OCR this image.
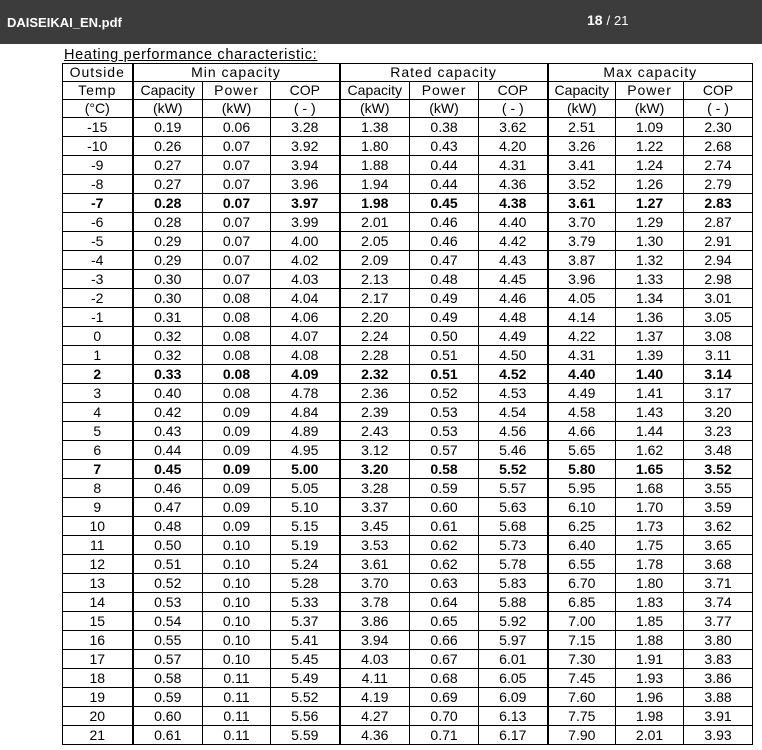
DAISEIKAI_EN.pdf	18 / 21
Heating performance characteristic:
Outside	Min capacity			Rated capacity			Max capacity		
Temp	Capacity	Power	COP	Capacity	Power	COP	Capacity	Power	COP
(°C)	(kW)	(kW)	( - )	(kW)	(kW)	( - )	(kW)	(kW)	( - )
-15	0.19	0.06	3.28	1.38	0.38	3.62	2.51	1.09	2.30
-10	0.26	0.07	3.92	1.80	0.43	4.20	3.26	1.22	2.68
-9	0.27	0.07	3.94	1.88	0.44	4.31	3.41	1.24	2.74
-8	0.27	0.07	3.96	1.94	0.44	4.36	3.52	1.26	2.79
-7	0.28	0.07	3.97	1.98	0.45	4.38	3.61	1.27	2.83
-6	0.28	0.07	3.99	2.01	0.46	4.40	3.70	1.29	2.87
-5	0.29	0.07	4.00	2.05	0.46	4.42	3.79	1.30	2.91
-4	0.29	0.07	4.02	2.09	0.47	4.43	3.87	1.32	2.94
-3	0.30	0.07	4.03	2.13	0.48	4.45	3.96	1.33	2.98
-2	0.30	0.08	4.04	2.17	0.49	4.46	4.05	1.34	3.01
-1	0.31	0.08	4.06	2.20	0.49	4.48	4.14	1.36	3.05
0	0.32	0.08	4.07	2.24	0.50	4.49	4.22	1.37	3.08
1	0.32	0.08	4.08	2.28	0.51	4.50	4.31	1.39	3.11
2	0.33	0.08	4.09	2.32	0.51	4.52	4.40	1.40	3.14
3	0.40	0.08	4.78	2.36	0.52	4.53	4.49	1.41	3.17
4	0.42	0.09	4.84	2.39	0.53	4.54	4.58	1.43	3.20
5	0.43	0.09	4.89	2.43	0.53	4.56	4.66	1.44	3.23
6	0.44	0.09	4.95	3.12	0.57	5.46	5.65	1.62	3.48
7	0.45	0.09	5.00	3.20	0.58	5.52	5.80	1.65	3.52
8	0.46	0.09	5.05	3.28	0.59	5.57	5.95	1.68	3.55
9	0.47	0.09	5.10	3.37	0.60	5.63	6.10	1.70	3.59
10	0.48	0.09	5.15	3.45	0.61	5.68	6.25	1.73	3.62
11	0.50	0.10	5.19	3.53	0.62	5.73	6.40	1.75	3.65
12	0.51	0.10	5.24	3.61	0.62	5.78	6.55	1.78	3.68
13	0.52	0.10	5.28	3.70	0.63	5.83	6.70	1.80	3.71
14	0.53	0.10	5.33	3.78	0.64	5.88	6.85	1.83	3.74
15	0.54	0.10	5.37	3.86	0.65	5.92	7.00	1.85	3.77
16	0.55	0.10	5.41	3.94	0.66	5.97	7.15	1.88	3.80
17	0.57	0.10	5.45	4.03	0.67	6.01	7.30	1.91	3.83
18	0.58	0.11	5.49	4.11	0.68	6.05	7.45	1.93	3.86
19	0.59	0.11	5.52	4.19	0.69	6.09	7.60	1.96	3.88
20	0.60	0.11	5.56	4.27	0.70	6.13	7.75	1.98	3.91
21	0.61	0.11	5.59	4.36	0.71	6.17	7.90	2.01	3.93
